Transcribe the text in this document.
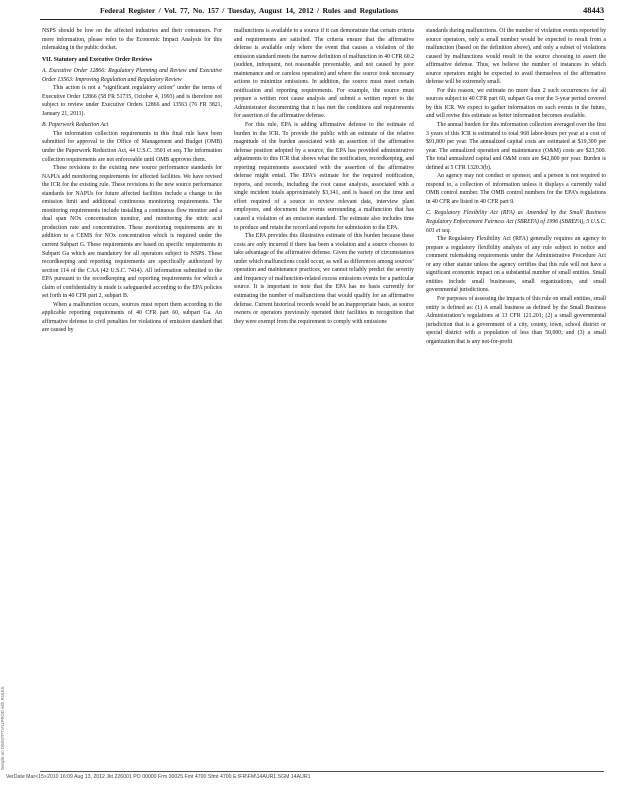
Federal Register / Vol. 77, No. 157 / Tuesday, August 14, 2012 / Rules and Regulations	48443

NSPS should be low on the affected industries and their consumers. For more information, please refer to the Economic Impact Analysis for this rulemaking in the public docket.

VII. Statutory and Executive Order Reviews

A. Executive Order 12866: Regulatory Planning and Review and Executive Order 13563: Improving Regulation and Regulatory Review

This action is not a “significant regulatory action” under the terms of Executive Order 12866 (58 FR 51735, October 4, 1993) and is therefore not subject to review under Executive Orders 12866 and 13563 (76 FR 3821, January 21, 2011).

B. Paperwork Reduction Act

The information collection requirements in this final rule have been submitted for approval to the Office of Management and Budget (OMB) under the Paperwork Reduction Act, 44 U.S.C. 3501 et seq. The information collection requirements are not enforceable until OMB approves them.

These revisions to the existing new source performance standards for NAPUs add monitoring requirements for affected facilities. We have revised the ICR for the existing rule. These revisions to the new source performance standards for NAPUs for future affected facilities include a change to the emission limit and additional continuous monitoring requirements. The monitoring requirements include installing a continuous flow monitor and a dual span NOx concentration monitor, and monitoring the nitric acid production rate and concentration. These monitoring requirements are in addition to a CEMS for NOx concentration which is required under the current Subpart G. These requirements are based on specific requirements in Subpart Ga which are mandatory for all operators subject to NSPS. These recordkeeping and reporting requirements are specifically authorized by section 114 of the CAA (42 U.S.C. 7414). All information submitted to the EPA pursuant to the recordkeeping and reporting requirements for which a claim of confidentiality is made is safeguarded according to the EPA policies set forth in 40 CFR part 2, subpart B.

When a malfunction occurs, sources must report them according to the applicable reporting requirements of 40 CFR part 60, subpart Ga. An affirmative defense to civil penalties for violations of emission standard that are caused by

malfunctions is available to a source if it can demonstrate that certain criteria and requirements are satisfied. The criteria ensure that the affirmative defense is available only where the event that causes a violation of the emission standard meets the narrow definition of malfunction in 40 CFR 60.2 (sudden, infrequent, not reasonable preventable, and not caused by poor maintenance and or careless operation) and where the source took necessary actions to minimize emissions. In addition, the source must meet certain notification and reporting requirements. For example, the source must prepare a written root cause analysis and submit a written report to the Administrator documenting that it has met the conditions and requirements for assertion of the affirmative defense.

For this rule, EPA is adding affirmative defense to the estimate of burden in the ICR. To provide the public with an estimate of the relative magnitude of the burden associated with an assertion of the affirmative defense position adopted by a source, the EPA has provided administrative adjustments to this ICR that shows what the notification, recordkeeping, and reporting requirements associated with the assertion of the affirmative defense might entail. The EPA’s estimate for the required notification, reports, and records, including the root cause analysis, associated with a single incident totals approximately $3,141, and is based on the time and effort required of a source to review relevant data, interview plant employees, and document the events surrounding a malfunction that has caused a violation of an emission standard. The estimate also includes time to produce and retain the record and reports for submission to the EPA.

The EPA provides this illustrative estimate of this burden because these costs are only incurred if there has been a violation and a source chooses to take advantage of the affirmative defense. Given the variety of circumstances under which malfunctions could occur, as well as differences among sources’ operation and maintenance practices, we cannot reliably predict the severity and frequency of malfunction-related excess emissions events for a particular source. It is important to note that the EPA has no basis currently for estimating the number of malfunctions that would qualify for an affirmative defense. Current historical records would be an inappropriate basis, as source owners or operators previously operated their facilities in recognition that they were exempt from the requirement to comply with emissions

standards during malfunctions. Of the number of violation events reported by source operators, only a small number would be expected to result from a malfunction (based on the definition above), and only a subset of violations caused by malfunctions would result in the source choosing to assert the affirmative defense. Thus, we believe the number of instances in which source operators might be expected to avail themselves of the affirmative defense will be extremely small.

For this reason, we estimate no more than 2 such occurrences for all sources subject to 40 CFR part 60, subpart Ga over the 3-year period covered by this ICR. We expect to gather information on such events in the future, and will revise this estimate as better information becomes available.

The annual burden for this information collection averaged over the first 3 years of this ICR is estimated to total 968 labor-hours per year at a cost of $91,800 per year. The annualized capital costs are estimated at $19,300 per year. The annualized operation and maintenance (O&M) costs are $23,500. The total annualized capital and O&M costs are $42,800 per year. Burden is defined at 5 CFR 1320.3(b).

An agency may not conduct or sponsor, and a person is not required to respond to, a collection of information unless it displays a currently valid OMB control number. The OMB control numbers for the EPA’s regulations in 40 CFR are listed in 40 CFR part 9.

C. Regulatory Flexibility Act (RFA) as Amended by the Small Business Regulatory Enforcement Fairness Act (SBREFA) of 1996 (SBREFA), 5 U.S.C. 601 et seq.

The Regulatory Flexibility Act (RFA) generally requires an agency to prepare a regulatory flexibility analysis of any rule subject to notice and comment rulemaking requirements under the Administrative Procedure Act or any other statute unless the agency certifies that this rule will not have a significant economic impact on a substantial number of small entities. Small entities include small businesses, small organizations, and small governmental jurisdictions.

For purposes of assessing the impacts of this rule on small entities, small entity is defined as: (1) A small business as defined by the Small Business Administration’s regulations at 13 CFR 121.201; (2) a small governmental jurisdiction that is a government of a city, county, town, school district or special district with a population of less than 50,000; and (3) a small organization that is any not-for-profit

VerDate Mar<15>2010 16:09 Aug 13, 2012 Jkt 226001 PO 00000 Frm 00025 Fmt 4700 Sfmt 4700 E:\FR\FM\14AUR1.SGM 14AUR1
ttemple on DSK5TPTVN1PROD with RULES
